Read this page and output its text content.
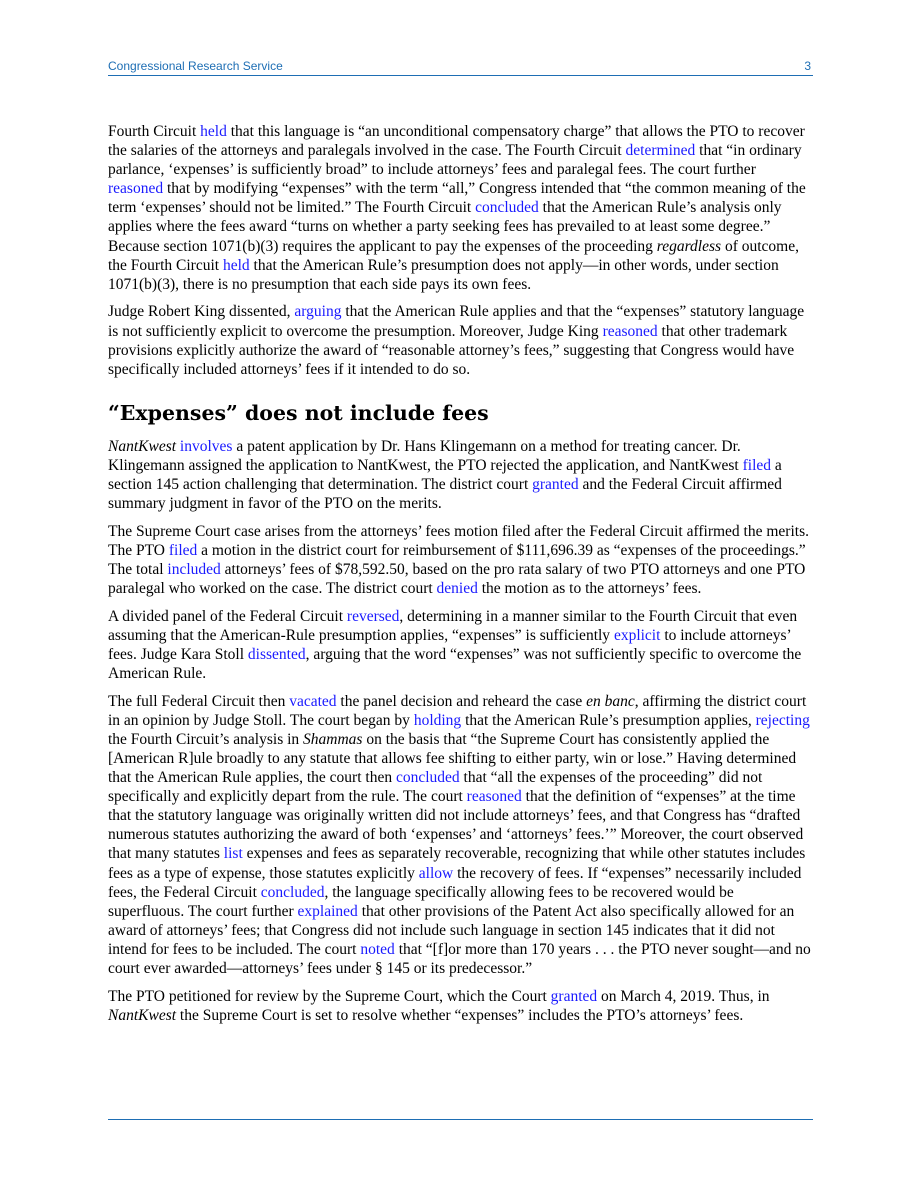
Congressional Research Service	3

Fourth Circuit held that this language is “an unconditional compensatory charge” that allows the PTO to recover the salaries of the attorneys and paralegals involved in the case. The Fourth Circuit determined that “in ordinary parlance, ‘expenses’ is sufficiently broad” to include attorneys’ fees and paralegal fees. The court further reasoned that by modifying “expenses” with the term “all,” Congress intended that “the common meaning of the term ‘expenses’ should not be limited.” The Fourth Circuit concluded that the American Rule’s analysis only applies where the fees award “turns on whether a party seeking fees has prevailed to at least some degree.” Because section 1071(b)(3) requires the applicant to pay the expenses of the proceeding regardless of outcome, the Fourth Circuit held that the American Rule’s presumption does not apply—in other words, under section 1071(b)(3), there is no presumption that each side pays its own fees.

Judge Robert King dissented, arguing that the American Rule applies and that the “expenses” statutory language is not sufficiently explicit to overcome the presumption. Moreover, Judge King reasoned that other trademark provisions explicitly authorize the award of “reasonable attorney’s fees,” suggesting that Congress would have specifically included attorneys’ fees if it intended to do so.

“Expenses” does not include fees

NantKwest involves a patent application by Dr. Hans Klingemann on a method for treating cancer. Dr. Klingemann assigned the application to NantKwest, the PTO rejected the application, and NantKwest filed a section 145 action challenging that determination. The district court granted and the Federal Circuit affirmed summary judgment in favor of the PTO on the merits.

The Supreme Court case arises from the attorneys’ fees motion filed after the Federal Circuit affirmed the merits. The PTO filed a motion in the district court for reimbursement of $111,696.39 as “expenses of the proceedings.” The total included attorneys’ fees of $78,592.50, based on the pro rata salary of two PTO attorneys and one PTO paralegal who worked on the case. The district court denied the motion as to the attorneys’ fees.

A divided panel of the Federal Circuit reversed, determining in a manner similar to the Fourth Circuit that even assuming that the American-Rule presumption applies, “expenses” is sufficiently explicit to include attorneys’ fees. Judge Kara Stoll dissented, arguing that the word “expenses” was not sufficiently specific to overcome the American Rule.

The full Federal Circuit then vacated the panel decision and reheard the case en banc, affirming the district court in an opinion by Judge Stoll. The court began by holding that the American Rule’s presumption applies, rejecting the Fourth Circuit’s analysis in Shammas on the basis that “the Supreme Court has consistently applied the [American R]ule broadly to any statute that allows fee shifting to either party, win or lose.” Having determined that the American Rule applies, the court then concluded that “all the expenses of the proceeding” did not specifically and explicitly depart from the rule. The court reasoned that the definition of “expenses” at the time that the statutory language was originally written did not include attorneys’ fees, and that Congress has “drafted numerous statutes authorizing the award of both ‘expenses’ and ‘attorneys’ fees.’” Moreover, the court observed that many statutes list expenses and fees as separately recoverable, recognizing that while other statutes includes fees as a type of expense, those statutes explicitly allow the recovery of fees. If “expenses” necessarily included fees, the Federal Circuit concluded, the language specifically allowing fees to be recovered would be superfluous. The court further explained that other provisions of the Patent Act also specifically allowed for an award of attorneys’ fees; that Congress did not include such language in section 145 indicates that it did not intend for fees to be included. The court noted that “[f]or more than 170 years . . . the PTO never sought—and no court ever awarded—attorneys’ fees under § 145 or its predecessor.”

The PTO petitioned for review by the Supreme Court, which the Court granted on March 4, 2019. Thus, in NantKwest the Supreme Court is set to resolve whether “expenses” includes the PTO’s attorneys’ fees.
